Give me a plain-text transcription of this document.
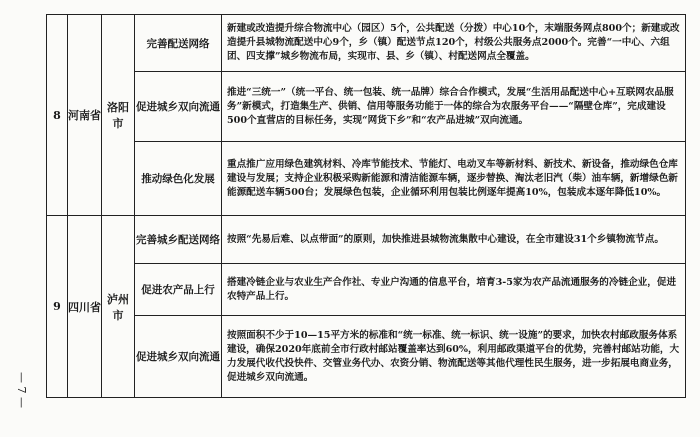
8	河南省	洛阳市	完善配送网络	新建或改造提升综合物流中心（园区）5个，公共配送（分拨）中心10个，末端服务网点800个；新建或改造提升县城物流配送中心9个，乡（镇）配送节点120个，村级公共服务点2000个。完善“一中心、六组团、四支撑”城乡物流布局，实现市、县、乡（镇）、村配送网点全覆盖。
			促进城乡双向流通	推进“三统一”（统一平台、统一包装、统一品牌）综合合作模式，发展“生活用品配送中心+互联网农品服务”新模式，打造集生产、供销、信用等服务功能于一体的综合为农服务平台——“隔壁仓库”，完成建设500个直营店的目标任务，实现“网货下乡”和“农产品进城”双向流通。
			推动绿色化发展	重点推广应用绿色建筑材料、冷库节能技术、节能灯、电动叉车等新材料、新技术、新设备，推动绿色仓库建设与发展；支持企业积极采购新能源和清洁能源车辆，逐步替换、淘汰老旧汽（柴）油车辆，新增绿色新能源配送车辆500台；发展绿色包装，企业循环利用包装比例逐年提高10%，包装成本逐年降低10%。
9	四川省	泸州市	完善城乡配送网络	按照“先易后难、以点带面”的原则，加快推进县城物流集散中心建设，在全市建设31个乡镇物流节点。
			促进农产品上行	搭建冷链企业与农业生产合作社、专业户沟通的信息平台，培育3-5家为农产品流通服务的冷链企业，促进农特产品上行。
			促进城乡双向流通	按照面积不少于10—15平方米的标准和“统一标准、统一标识、统一设施”的要求，加快农村邮政服务体系建设，确保2020年底前全市行政村邮站覆盖率达到60%，利用邮政渠道平台的优势，完善村邮站功能，大力发展代收代投快件、交管业务代办、农资分销、物流配送等其他代理性民生服务，进一步拓展电商业务，促进城乡双向流通。
— 7 —
